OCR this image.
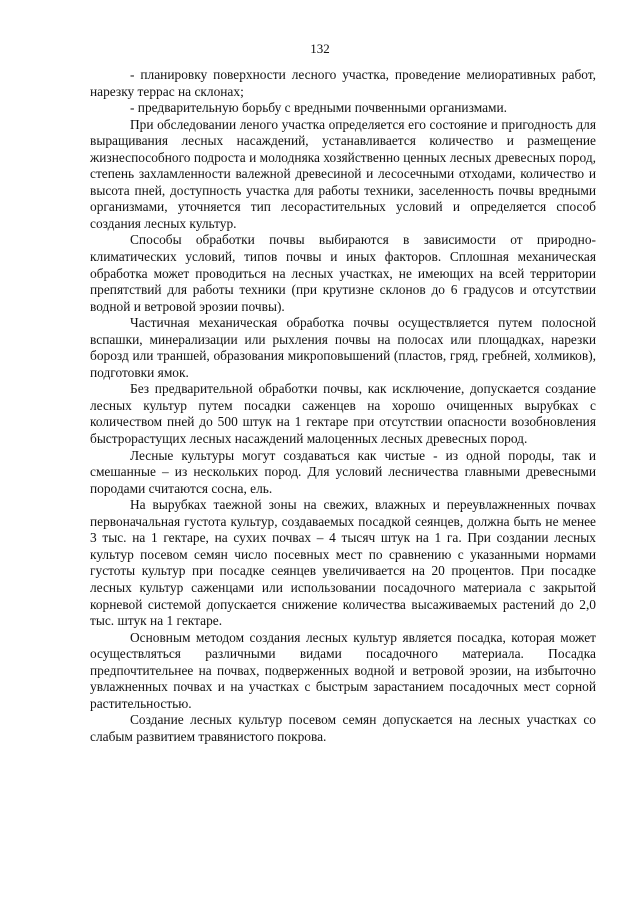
132

- планировку поверхности лесного участка, проведение мелиоративных работ, нарезку террас на склонах;

- предварительную борьбу с вредными почвенными организмами.

При обследовании леного участка определяется его состояние и пригодность для выращивания лесных насаждений, устанавливается количество и размещение жизнеспособного подроста и молодняка хозяйственно ценных лесных древесных пород, степень захламленности валежной древесиной и лесосечными отходами, количество и высота пней, доступность участка для работы техники, заселенность почвы вредными организмами, уточняется тип лесорастительных условий и определяется способ создания лесных культур.

Способы обработки почвы выбираются в зависимости от природно-климатических условий, типов почвы и иных факторов. Сплошная механическая обработка может проводиться на лесных участках, не имеющих на всей территории препятствий для работы техники (при крутизне склонов до 6 градусов и отсутствии водной и ветровой эрозии почвы).

Частичная механическая обработка почвы осуществляется путем полосной вспашки, минерализации или рыхления почвы на полосах или площадках, нарезки борозд или траншей, образования микроповышений (пластов, гряд, гребней, холмиков), подготовки ямок.

Без предварительной обработки почвы, как исключение, допускается создание лесных культур путем посадки саженцев на хорошо очищенных вырубках с количеством пней до 500 штук на 1 гектаре при отсутствии опасности возобновления быстрорастущих лесных насаждений малоценных лесных древесных пород.

Лесные культуры могут создаваться как чистые - из одной породы, так и смешанные – из нескольких пород. Для условий лесничества главными древесными породами считаются сосна, ель.

На вырубках таежной зоны на свежих, влажных и переувлажненных почвах первоначальная густота культур, создаваемых посадкой сеянцев, должна быть не менее 3 тыс. на 1 гектаре, на сухих почвах – 4 тысяч штук на 1 га. При создании лесных культур посевом семян число посевных мест по сравнению с указанными нормами густоты культур при посадке сеянцев увеличивается на 20 процентов. При посадке лесных культур саженцами или использовании посадочного материала с закрытой корневой системой допускается снижение количества высаживаемых растений до 2,0 тыс. штук на 1 гектаре.

Основным методом создания лесных культур является посадка, которая может осуществляться различными видами посадочного материала. Посадка предпочтительнее на почвах, подверженных водной и ветровой эрозии, на избыточно увлажненных почвах и на участках с быстрым зарастанием посадочных мест сорной растительностью.

Создание лесных культур посевом семян допускается на лесных участках со слабым развитием травянистого покрова.
